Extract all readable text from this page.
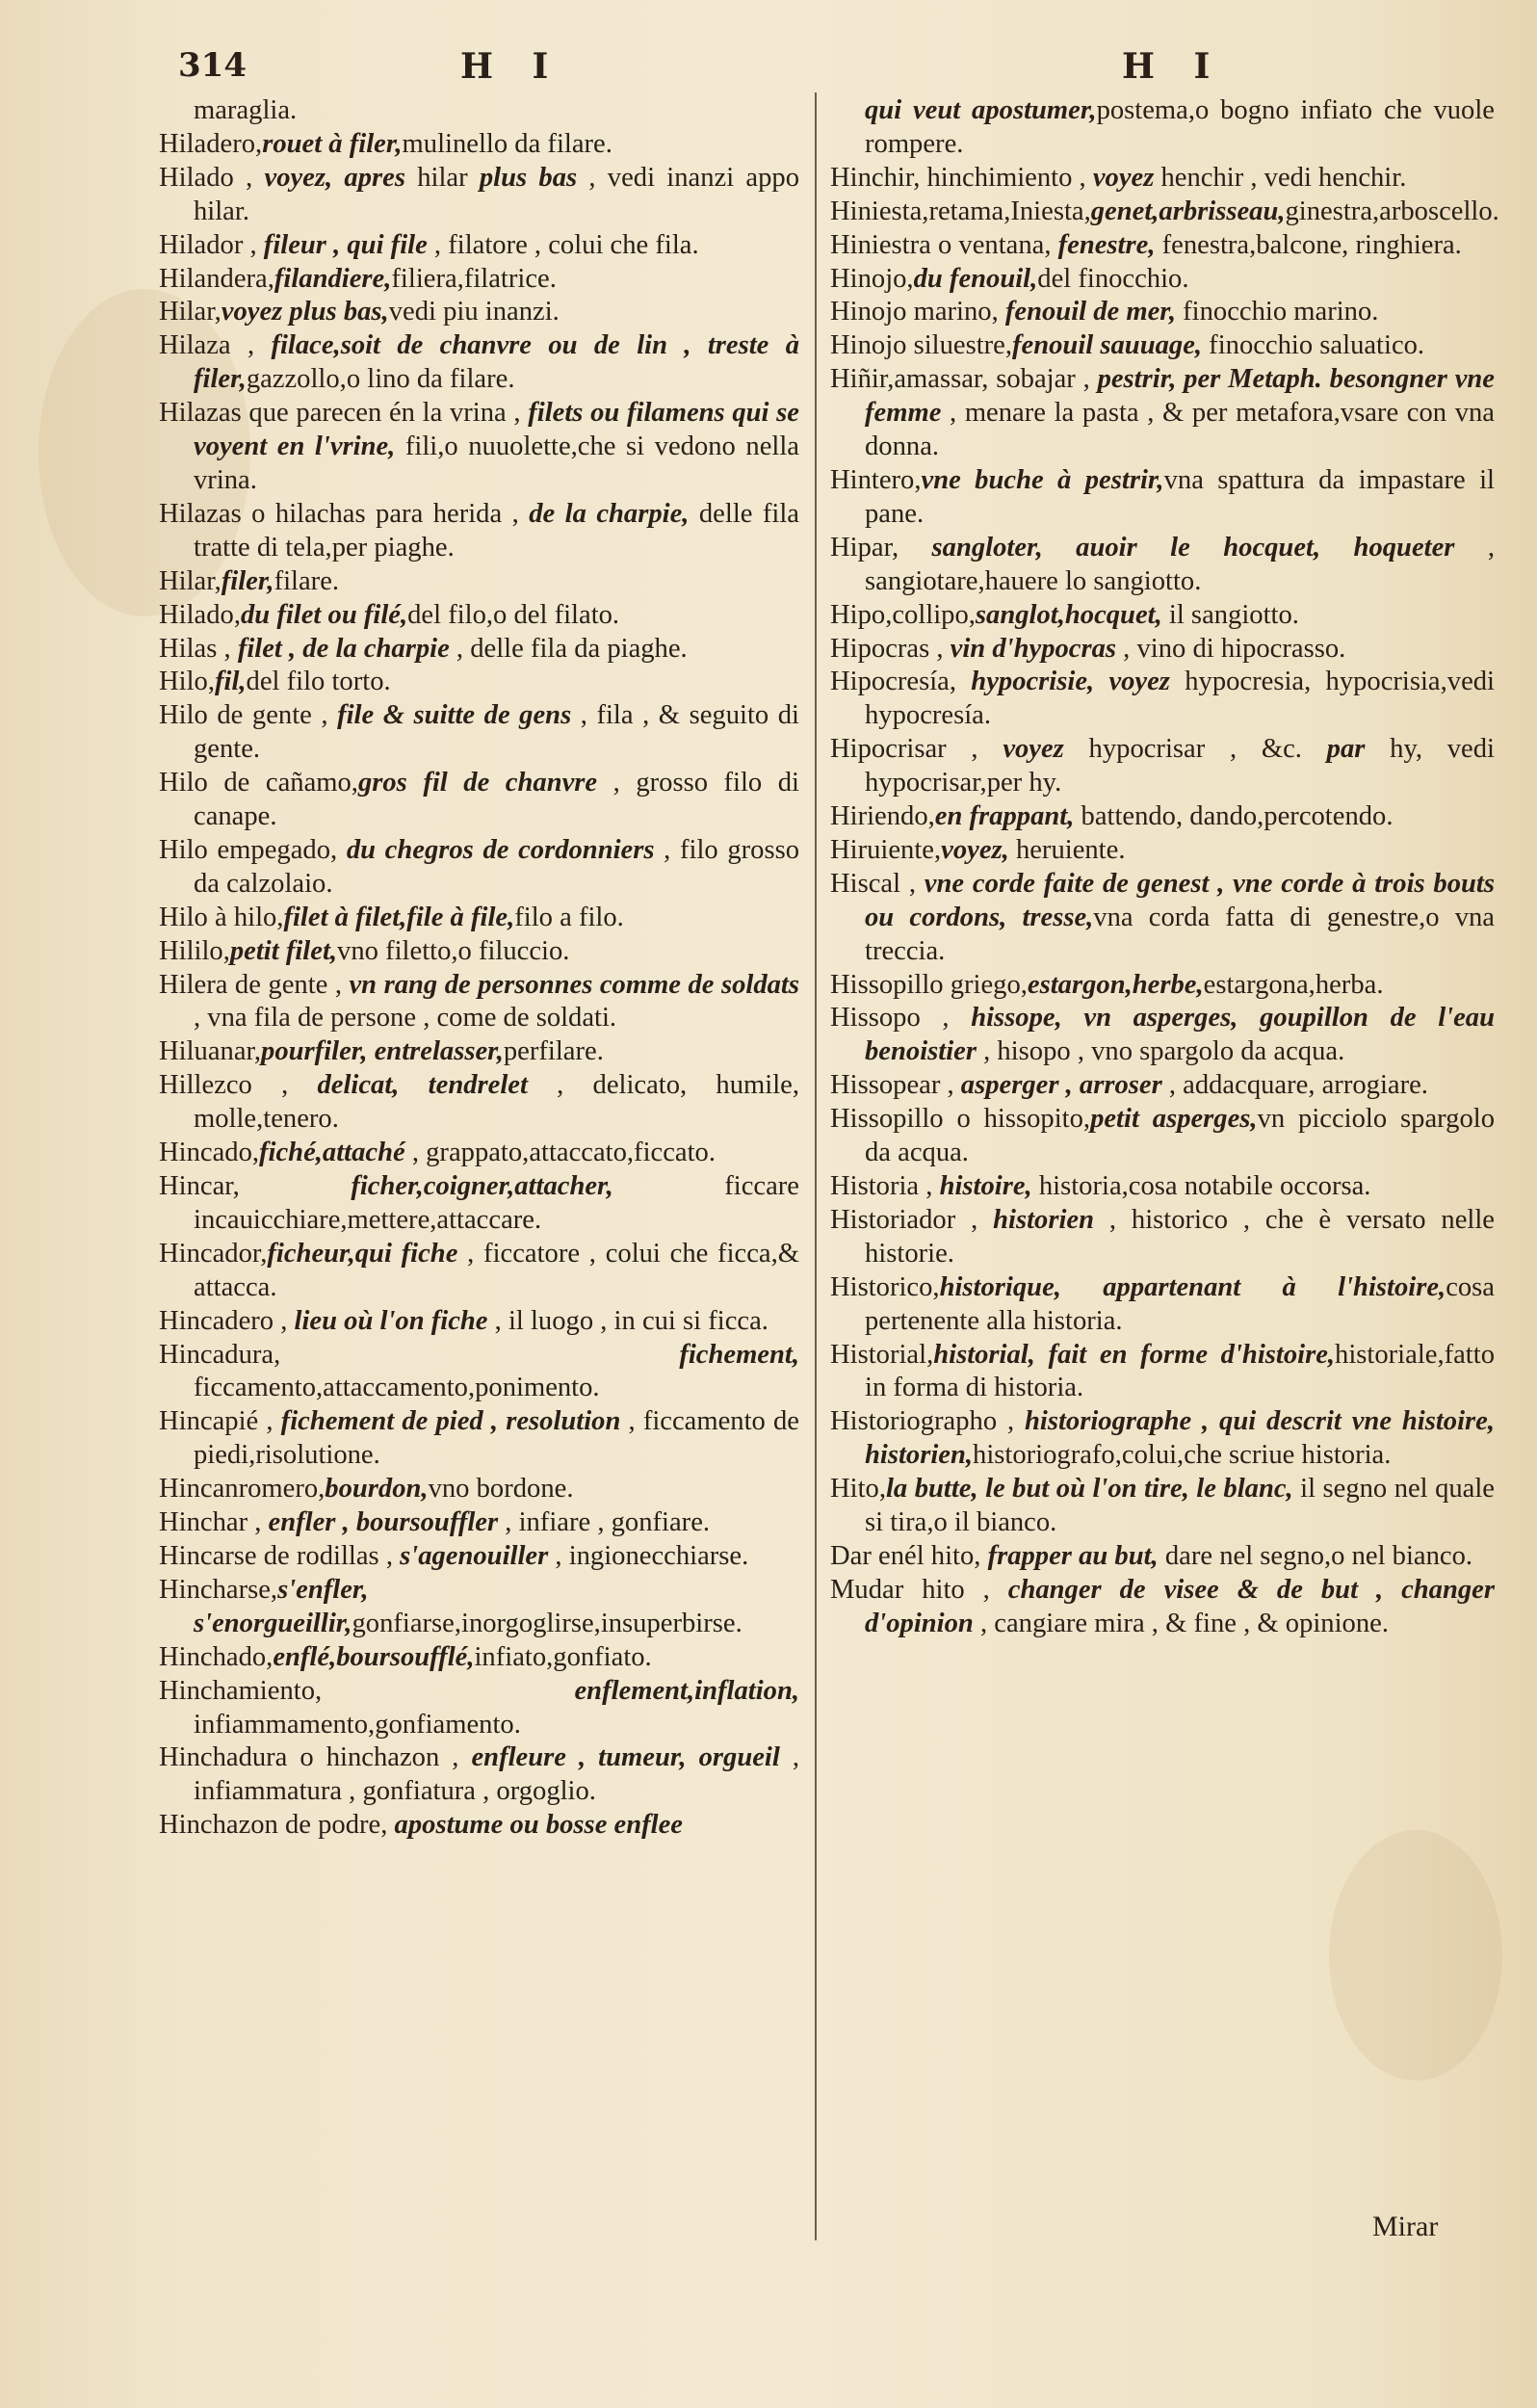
314	H I	H I

maraglia.

Hiladero,rouet à filer,mulinello da filare.

Hilado , voyez, apres hilar plus bas , vedi inanzi appo hilar.

Hilador , fileur , qui file , filatore , colui che fila.

Hilandera,filandiere,filiera,filatrice.

Hilar,voyez plus bas,vedi piu inanzi.

Hilaza , filace,soit de chanvre ou de lin , treste à filer,gazzollo,o lino da filare.

Hilazas que parecen én la vrina , filets ou filamens qui se voyent en l'vrine, fili,o nuuolette,che si vedono nella vrina.

Hilazas o hilachas para herida , de la charpie, delle fila tratte di tela,per piaghe.

Hilar,filer,filare.

Hilado,du filet ou filé,del filo,o del filato.

Hilas , filet , de la charpie , delle fila da piaghe.

Hilo,fil,del filo torto.

Hilo de gente , file & suitte de gens , fila , & seguito di gente.

Hilo de cañamo,gros fil de chanvre , grosso filo di canape.

Hilo empegado, du chegros de cordonniers , filo grosso da calzolaio.

Hilo à hilo,filet à filet,file à file,filo a filo.

Hililo,petit filet,vno filetto,o filuccio.

Hilera de gente , vn rang de personnes comme de soldats , vna fila de persone , come de soldati.

Hiluanar,pourfiler, entrelasser,perfilare.

Hillezco , delicat, tendrelet , delicato, humile, molle,tenero.

Hincado,fiché,attaché , grappato,attaccato,ficcato.

Hincar, ficher,coigner,attacher, ficcare incauicchiare,mettere,attaccare.

Hincador,ficheur,qui fiche , ficcatore , colui che ficca,& attacca.

Hincadero , lieu où l'on fiche , il luogo , in cui si ficca.

Hincadura, fichement, ficcamento,attaccamento,ponimento.

Hincapié , fichement de pied , resolution , ficcamento de piedi,risolutione.

Hincanromero,bourdon,vno bordone.

Hinchar , enfler , boursouffler , infiare , gonfiare.

Hincarse de rodillas , s'agenouiller , ingionecchiarse.

Hincharse,s'enfler, s'enorgueillir,gonfiarse,inorgoglirse,insuperbirse.

Hinchado,enflé,boursoufflé,infiato,gonfiato.

Hinchamiento, enflement,inflation, infiammamento,gonfiamento.

Hinchadura o hinchazon , enfleure , tumeur, orgueil , infiammatura , gonfiatura , orgoglio.

Hinchazon de podre, apostume ou bosse enflee

qui veut apostumer,postema,o bogno infiato che vuole rompere.

Hinchir, hinchimiento , voyez henchir , vedi henchir.

Hiniesta,retama,Iniesta,genet,arbrisseau,ginestra,arboscello.

Hiniestra o ventana, fenestre, fenestra,balcone, ringhiera.

Hinojo,du fenouil,del finocchio.

Hinojo marino, fenouil de mer, finocchio marino.

Hinojo siluestre,fenouil sauuage, finocchio saluatico.

Hiñir,amassar, sobajar , pestrir, per Metaph. besongner vne femme , menare la pasta , & per metafora,vsare con vna donna.

Hintero,vne buche à pestrir,vna spattura da impastare il pane.

Hipar, sangloter, auoir le hocquet, hoqueter , sangiotare,hauere lo sangiotto.

Hipo,collipo,sanglot,hocquet, il sangiotto.

Hipocras , vin d'hypocras , vino di hipocrasso.

Hipocresía, hypocrisie, voyez hypocresia, hypocrisia,vedi hypocresía.

Hipocrisar , voyez hypocrisar , &c. par hy, vedi hypocrisar,per hy.

Hiriendo,en frappant, battendo, dando,percotendo.

Hiruiente,voyez, heruiente.

Hiscal , vne corde faite de genest , vne corde à trois bouts ou cordons, tresse,vna corda fatta di genestre,o vna treccia.

Hissopillo griego,estargon,herbe,estargona,herba.

Hissopo , hissope, vn asperges, goupillon de l'eau benoistier , hisopo , vno spargolo da acqua.

Hissopear , asperger , arroser , addacquare, arrogiare.

Hissopillo o hissopito,petit asperges,vn picciolo spargolo da acqua.

Historia , histoire, historia,cosa notabile occorsa.

Historiador , historien , historico , che è versato nelle historie.

Historico,historique, appartenant à l'histoire,cosa pertenente alla historia.

Historial,historial, fait en forme d'histoire,historiale,fatto in forma di historia.

Historiographo , historiographe , qui descrit vne histoire, historien,historiografo,colui,che scriue historia.

Hito,la butte, le but où l'on tire, le blanc, il segno nel quale si tira,o il bianco.

Dar enél hito, frapper au but, dare nel segno,o nel bianco.

Mudar hito , changer de visee & de but , changer d'opinion , cangiare mira , & fine , & opinione.

Mirar
